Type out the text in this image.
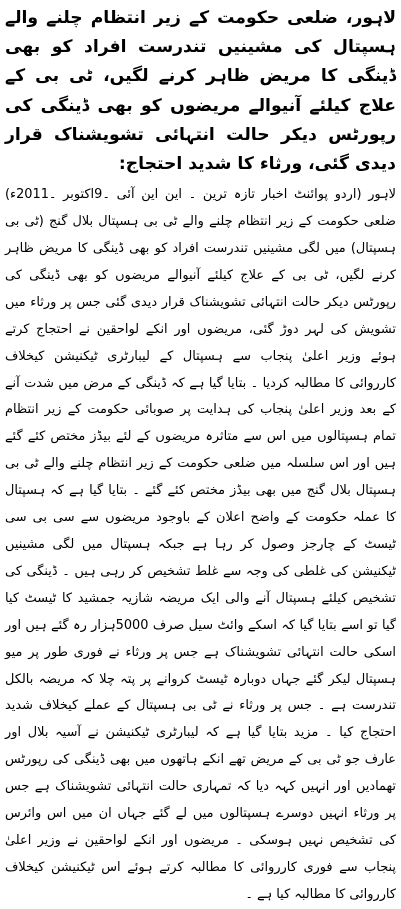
لاہور، ضلعی حکومت کے زیر انتظام چلنے والے ہسپتال کی مشینیں تندرست افراد کو بھی ڈینگی کا مریض ظاہر کرنے لگیں، ٹی بی کے علاج کیلئے آنیوالے مریضوں کو بھی ڈینگی کی رپورٹس دیکر حالت انتہائی تشویشناک قرار دیدی گئی، ورثاء کا شدید احتجاج:

لاہور (اردو پوائنٹ اخبار تازہ ترین ۔ این این آئی ۔9اکتوبر ۔2011ء) ضلعی حکومت کے زیر انتظام چلنے والے ٹی بی ہسپتال بلال گنج (ٹی بی ہسپتال) میں لگی مشینیں تندرست افراد کو بھی ڈینگی کا مریض ظاہر کرنے لگیں، ٹی بی کے علاج کیلئے آنیوالے مریضوں کو بھی ڈینگی کی رپورٹس دیکر حالت انتہائی تشویشناک قرار دیدی گئی جس پر ورثاء میں تشویش کی لہر دوڑ گئی، مریضوں اور انکے لواحقین نے احتجاج کرتے ہوئے وزیر اعلیٰ پنجاب سے ہسپتال کے لیبارٹری ٹیکنیشن کیخلاف کارروائی کا مطالبہ کردیا ۔ بتایا گیا ہے کہ ڈینگی کے مرض میں شدت آنے کے بعد وزیر اعلیٰ پنجاب کی ہدایت پر صوبائی حکومت کے زیر انتظام تمام ہسپتالوں میں اس سے متاثرہ مریضوں کے لئے بیڈز مختص کئے گئے ہیں اور اس سلسلہ میں ضلعی حکومت کے زیر انتظام چلنے والے ٹی بی ہسپتال بلال گنج میں بھی بیڈز مختص کئے گئے ۔ بتایا گیا ہے کہ ہسپتال کا عملہ حکومت کے واضح اعلان کے باوجود مریضوں سے سی بی سی ٹیسٹ کے چارجز وصول کر رہا ہے جبکہ ہسپتال میں لگی مشینیں ٹیکنیشن کی غلطی کی وجہ سے غلط تشخیص کر رہی ہیں ۔ ڈینگی کی تشخیص کیلئے ہسپتال آنے والی ایک مریضہ شازیہ جمشید کا ٹیسٹ کیا گیا تو اسے بتایا گیا کہ اسکے وائٹ سیل صرف 5000ہزار رہ گئے ہیں اور اسکی حالت انتہائی تشویشناک ہے جس پر ورثاء نے فوری طور پر میو ہسپتال لیکر گئے جہاں دوبارہ ٹیسٹ کروانے پر پتہ چلا کہ مریضہ بالکل تندرست ہے ۔ جس پر ورثاء نے ٹی بی ہسپتال کے عملے کیخلاف شدید احتجاج کیا ۔ مزید بتایا گیا ہے کہ لیبارٹری ٹیکنیشن نے آسیہ بلال اور عارف جو ٹی بی کے مریض تھے انکے ہاتھوں میں بھی ڈینگی کی رپورٹس تھمادیں اور انہیں کہہ دیا کہ تمہاری حالت انتہائی تشویشناک ہے جس پر ورثاء انہیں دوسرے ہسپتالوں میں لے گئے جہاں ان میں اس وائرس کی تشخیص نہیں ہوسکی ۔ مریضوں اور انکے لواحقین نے وزیر اعلیٰ پنجاب سے فوری کارروائی کا مطالبہ کرتے ہوئے اس ٹیکنیشن کیخلاف کارروائی کا مطالبہ کیا ہے ۔
